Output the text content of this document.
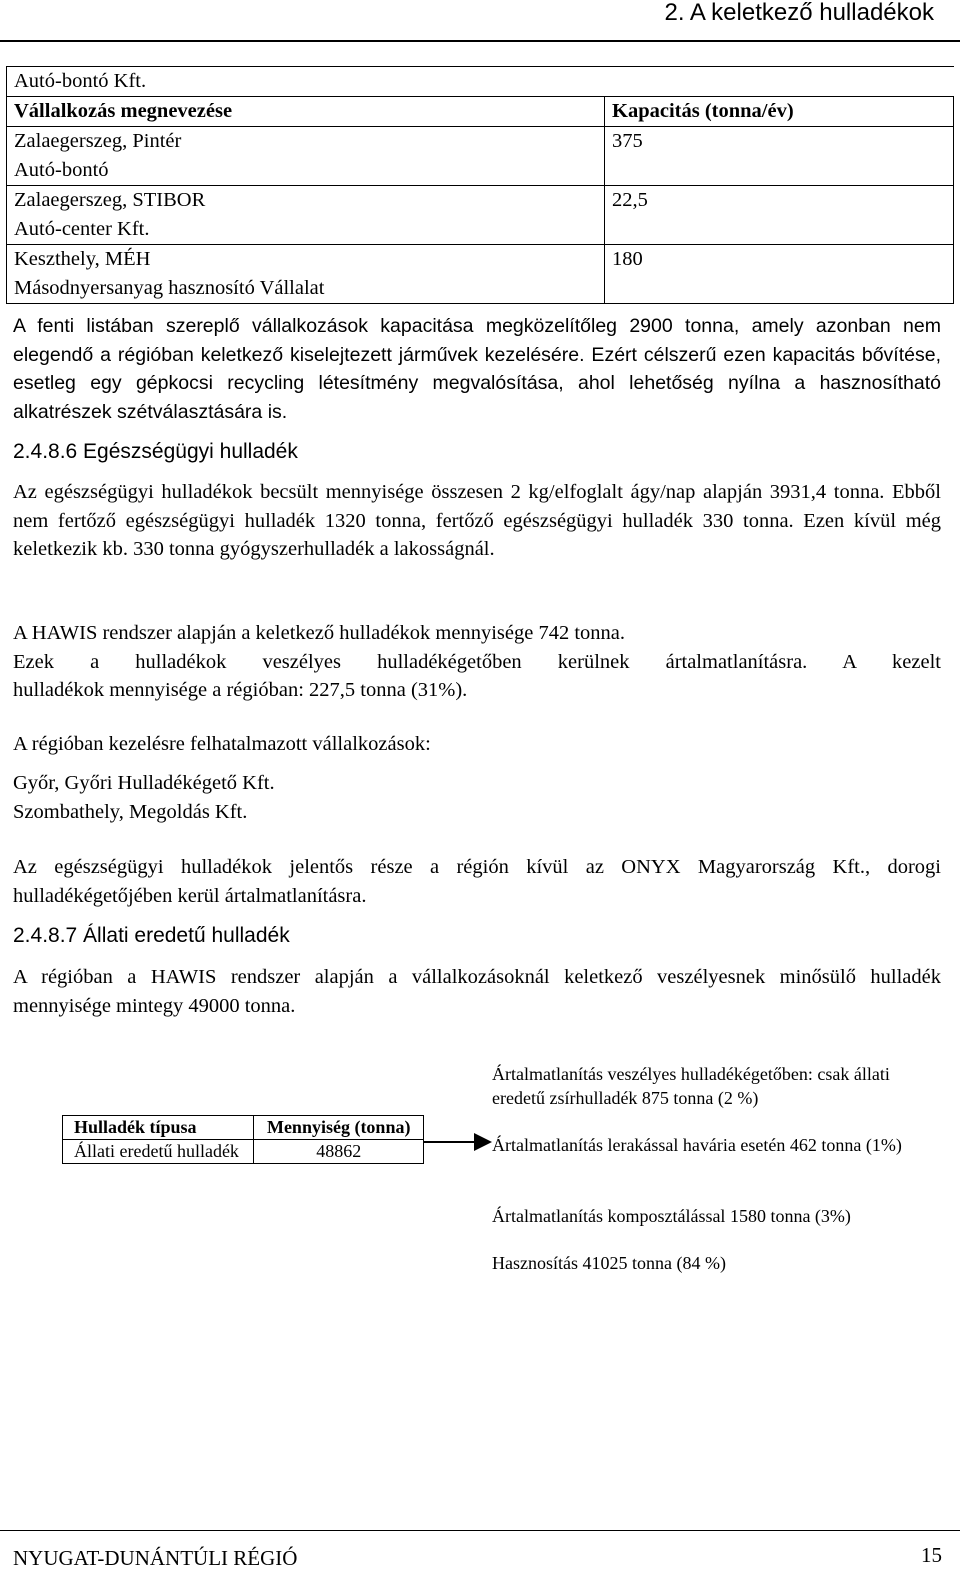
2. A keletkező hulladékok
Autó-bontó Kft.	

Vállalkozás megnevezése	Kapacitás (tonna/év)

Zalaegerszeg, Pintér
Autó-bontó	375

Zalaegerszeg, STIBOR
Autó-center Kft.	22,5

Keszthely, MÉH
Másodnyersanyag hasznosító Vállalat	180
A fenti listában szereplő vállalkozások kapacitása megközelítőleg 2900 tonna, amely azonban nem elegendő a régióban keletkező kiselejtezett járművek kezelésére. Ezért célszerű ezen kapacitás bővítése, esetleg egy gépkocsi recycling létesítmény megvalósítása, ahol lehetőség nyílna a hasznosítható alkatrészek szétválasztására is.
2.4.8.6 Egészségügyi hulladék
Az egészségügyi hulladékok becsült mennyisége összesen 2 kg/elfoglalt ágy/nap alapján 3931,4 tonna. Ebből nem fertőző egészségügyi hulladék 1320 tonna, fertőző egészségügyi hulladék 330 tonna. Ezen kívül még keletkezik kb. 330 tonna gyógyszerhulladék a lakosságnál.
A HAWIS rendszer alapján a keletkező hulladékok mennyisége 742 tonna.
Ezek a hulladékok veszélyes hulladékégetőben kerülnek ártalmatlanításra. A kezelt
hulladékok mennyisége a régióban: 227,5 tonna (31%).
A régióban kezelésre felhatalmazott vállalkozások:
Győr, Győri Hulladékégető Kft.
Szombathely, Megoldás Kft.
Az egészségügyi hulladékok jelentős része a régión kívül az ONYX Magyarország Kft., dorogi hulladékégetőjében kerül ártalmatlanításra.
2.4.8.7 Állati eredetű hulladék
A régióban a HAWIS rendszer alapján a vállalkozásoknál keletkező veszélyesnek minősülő hulladék mennyisége mintegy 49000 tonna.
Hulladék típusa	Mennyiség (tonna)
Állati eredetű hulladék	48862
Ártalmatlanítás veszélyes hulladékégetőben: csak állati eredetű zsírhulladék 875 tonna (2 %)
Ártalmatlanítás lerakással havária esetén 462 tonna (1%)
Ártalmatlanítás komposztálással 1580 tonna (3%)
Hasznosítás 41025 tonna (84 %)
NYUGAT-DUNÁNTÚLI RÉGIÓ	15
